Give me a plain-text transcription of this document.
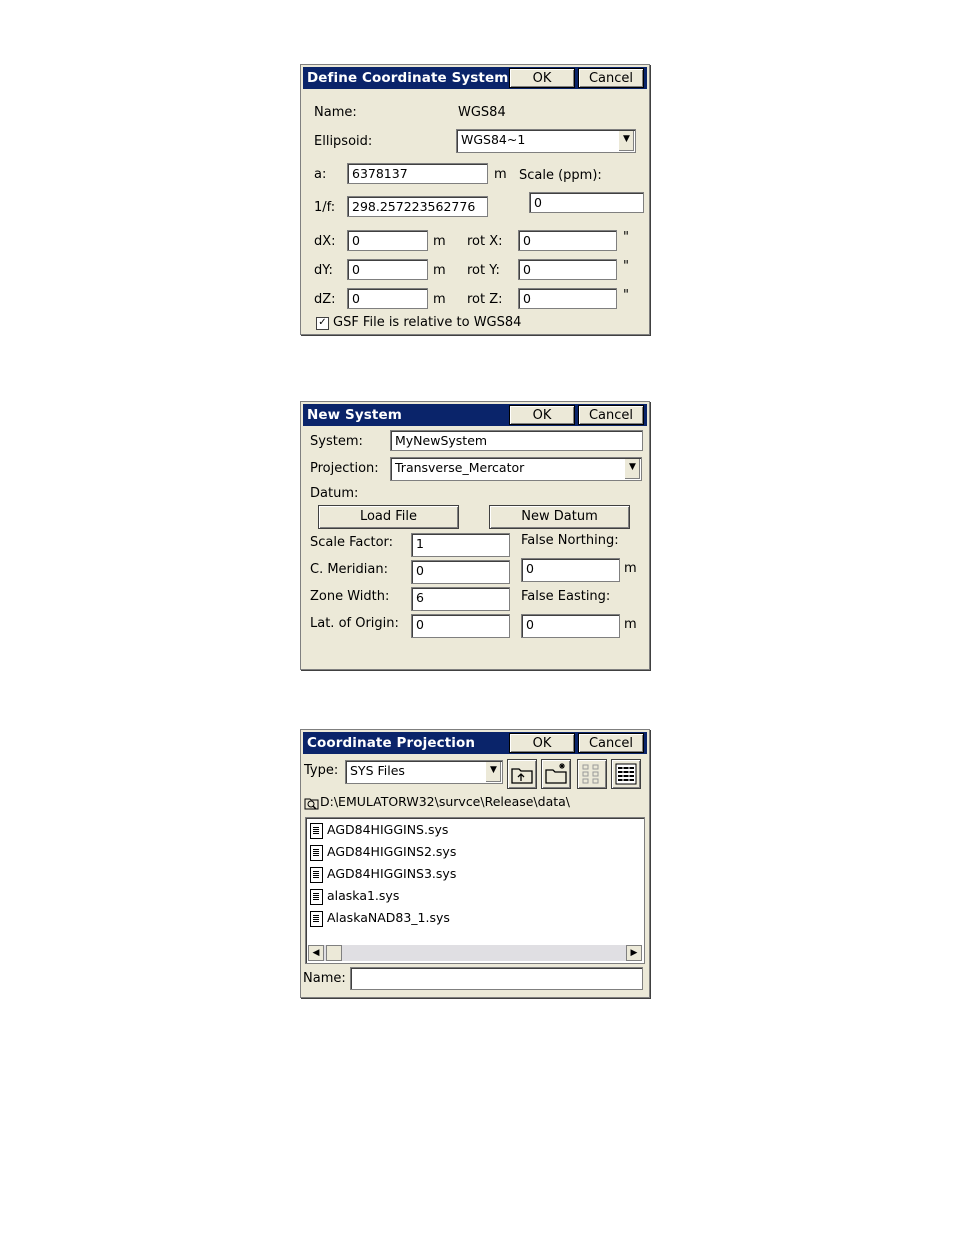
Define Coordinate System	OK	Cancel
Name:	WGS84
Ellipsoid:	WGS84~1	▼
a:	6378137	m Scale (ppm):
1/f:	298.257223562776	0
dX:	0	m rot X:	0	"
dY:	0	m rot Y:	0	"
dZ:	0	m rot Z:	0	"
✓ GSF File is relative to WGS84
New System	OK	Cancel
System:	MyNewSystem
Projection:	Transverse_Mercator	▼
Datum:
Load File	New Datum
Scale Factor:	1	False Northing:
C. Meridian:	0	0	m
Zone Width:	6	False Easting:
Lat. of Origin:	0	0	m
Coordinate Projection	OK	Cancel
Type: SYS Files	▼
D:\EMULATORW32\survce\Release\data\
AGD84HIGGINS.sys
AGD84HIGGINS2.sys
AGD84HIGGINS3.sys
alaska1.sys
AlaskaNAD83_1.sys
◀	▶
Name:
